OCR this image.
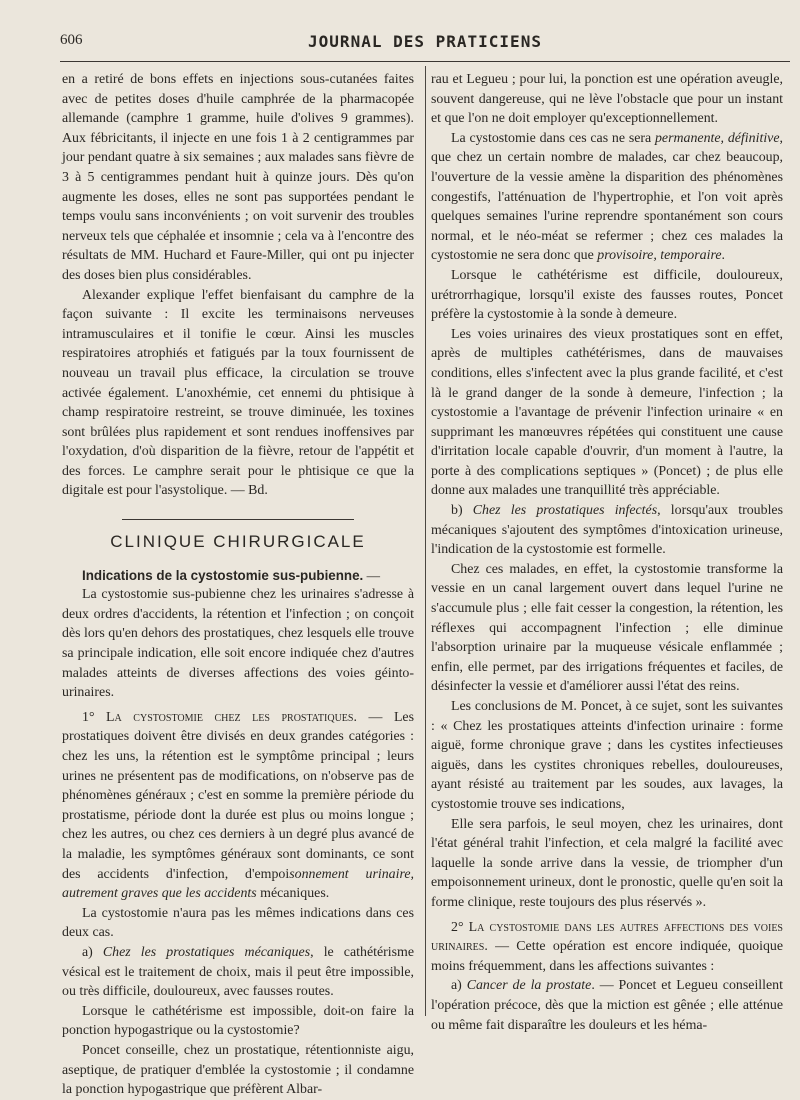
606	JOURNAL DES PRATICIENS

en a retiré de bons effets en injections sous-cutanées faites avec de petites doses d'huile camphrée de la pharmacopée allemande (camphre 1 gramme, huile d'olives 9 grammes). Aux fébricitants, il injecte en une fois 1 à 2 centigrammes par jour pendant quatre à six semaines ; aux malades sans fièvre de 3 à 5 centigrammes pendant huit à quinze jours. Dès qu'on augmente les doses, elles ne sont pas supportées pendant le temps voulu sans inconvénients ; on voit survenir des troubles nerveux tels que céphalée et insomnie ; cela va à l'encontre des résultats de MM. Huchard et Faure-Miller, qui ont pu injecter des doses bien plus considérables.

Alexander explique l'effet bienfaisant du camphre de la façon suivante : Il excite les terminaisons nerveuses intramusculaires et il tonifie le cœur. Ainsi les muscles respiratoires atrophiés et fatigués par la toux fournissent de nouveau un travail plus efficace, la circulation se trouve activée également. L'anoxhémie, cet ennemi du phtisique à champ respiratoire restreint, se trouve diminuée, les toxines sont brûlées plus rapidement et sont rendues inoffensives par l'oxydation, d'où disparition de la fièvre, retour de l'appétit et des forces. Le camphre serait pour le phtisique ce que la digitale est pour l'asystolique. — Bd.

CLINIQUE CHIRURGICALE

Indications de la cystostomie sus-pubienne. —

La cystostomie sus-pubienne chez les urinaires s'adresse à deux ordres d'accidents, la rétention et l'infection ; on conçoit dès lors qu'en dehors des prostatiques, chez lesquels elle trouve sa principale indication, elle soit encore indiquée chez d'autres malades atteints de diverses affections des voies géinto-urinaires.

1° La cystostomie chez les prostatiques. — Les prostatiques doivent être divisés en deux grandes catégories : chez les uns, la rétention est le symptôme principal ; leurs urines ne présentent pas de modifications, on n'observe pas de phénomènes généraux ; c'est en somme la première période du prostatisme, période dont la durée est plus ou moins longue ; chez les autres, ou chez ces derniers à un degré plus avancé de la maladie, les symptômes généraux sont dominants, ce sont des accidents d'infection, d'empoisonnement urinaire, autrement graves que les accidents mécaniques.

La cystostomie n'aura pas les mêmes indications dans ces deux cas.

a) Chez les prostatiques mécaniques, le cathétérisme vésical est le traitement de choix, mais il peut être impossible, ou très difficile, douloureux, avec fausses routes.

Lorsque le cathétérisme est impossible, doit-on faire la ponction hypogastrique ou la cystostomie?

Poncet conseille, chez un prostatique, rétentionniste aigu, aseptique, de pratiquer d'emblée la cystostomie ; il condamne la ponction hypogastrique que préfèrent Albar-

rau et Legueu ; pour lui, la ponction est une opération aveugle, souvent dangereuse, qui ne lève l'obstacle que pour un instant et que l'on ne doit employer qu'exceptionnellement.

La cystostomie dans ces cas ne sera permanente, définitive, que chez un certain nombre de malades, car chez beaucoup, l'ouverture de la vessie amène la disparition des phénomènes congestifs, l'atténuation de l'hypertrophie, et l'on voit après quelques semaines l'urine reprendre spontanément son cours normal, et le néo-méat se refermer ; chez ces malades la cystostomie ne sera donc que provisoire, temporaire.

Lorsque le cathétérisme est difficile, douloureux, urétrorrhagique, lorsqu'il existe des fausses routes, Poncet préfère la cystostomie à la sonde à demeure.

Les voies urinaires des vieux prostatiques sont en effet, après de multiples cathétérismes, dans de mauvaises conditions, elles s'infectent avec la plus grande facilité, et c'est là le grand danger de la sonde à demeure, l'infection ; la cystostomie a l'avantage de prévenir l'infection urinaire « en supprimant les manœuvres répétées qui constituent une cause d'irritation locale capable d'ouvrir, d'un moment à l'autre, la porte à des complications septiques » (Poncet) ; de plus elle donne aux malades une tranquillité très appréciable.

b) Chez les prostatiques infectés, lorsqu'aux troubles mécaniques s'ajoutent des symptômes d'intoxication urineuse, l'indication de la cystostomie est formelle.

Chez ces malades, en effet, la cystostomie transforme la vessie en un canal largement ouvert dans lequel l'urine ne s'accumule plus ; elle fait cesser la congestion, la rétention, les réflexes qui accompagnent l'infection ; elle diminue l'absorption urinaire par la muqueuse vésicale enflammée ; enfin, elle permet, par des irrigations fréquentes et faciles, de désinfecter la vessie et d'améliorer aussi l'état des reins.

Les conclusions de M. Poncet, à ce sujet, sont les suivantes : « Chez les prostatiques atteints d'infection urinaire : forme aiguë, forme chronique grave ; dans les cystites infectieuses aiguës, dans les cystites chroniques rebelles, douloureuses, ayant résisté au traitement par les soudes, aux lavages, la cystostomie trouve ses indications,

Elle sera parfois, le seul moyen, chez les urinaires, dont l'état général trahit l'infection, et cela malgré la facilité avec laquelle la sonde arrive dans la vessie, de triompher d'un empoisonnement urineux, dont le pronostic, quelle qu'en soit la forme clinique, reste toujours des plus réservés ».

2° La cystostomie dans les autres affections des voies urinaires. — Cette opération est encore indiquée, quoique moins fréquemment, dans les affections suivantes :

a) Cancer de la prostate. — Poncet et Legueu conseillent l'opération précoce, dès que la miction est gênée ; elle atténue ou même fait disparaître les douleurs et les héma-
